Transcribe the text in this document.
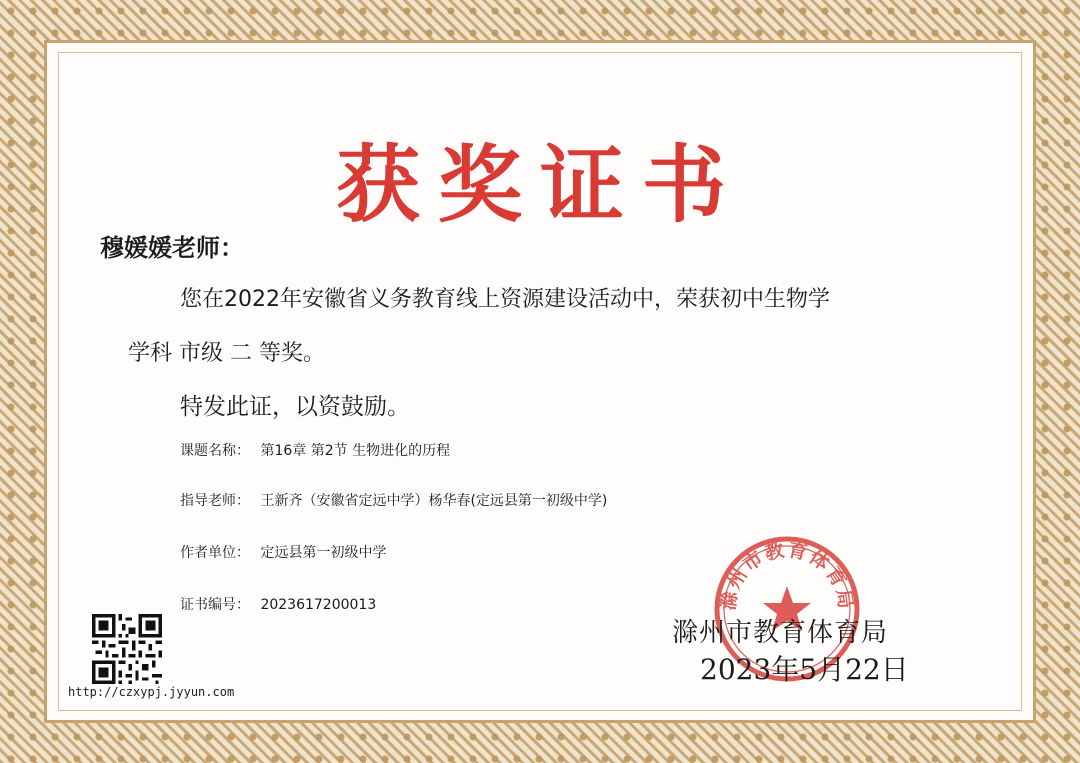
获奖证书
穆媛媛老师：
您在2022年安徽省义务教育线上资源建设活动中，荣获初中生物学
学科 市级 二 等奖。
特发此证，以资鼓励。
课题名称： 第16章 第2节 生物进化的历程
指导老师： 王新齐（安徽省定远中学）杨华春(定远县第一初级中学)
作者单位： 定远县第一初级中学
证书编号： 2023617200013	滁州市教育体育局
滁州市教育体育局
2023年5月22日
http://czxypj.jyyun.com
